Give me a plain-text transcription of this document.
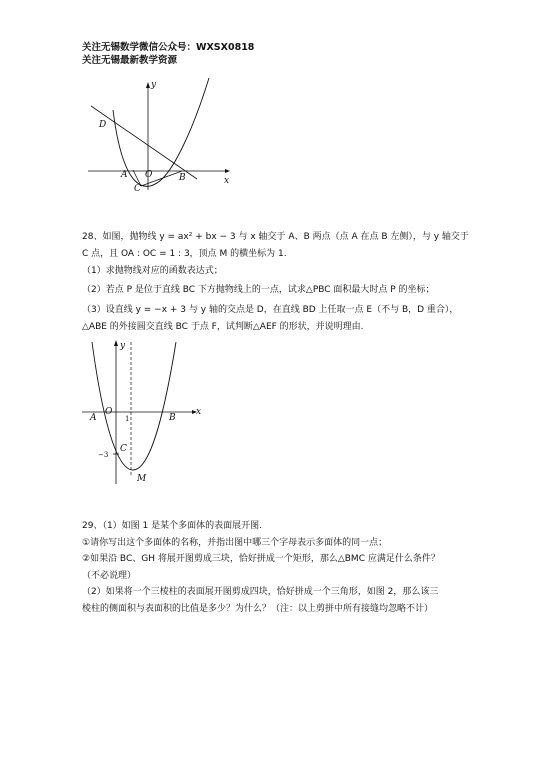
关注无锡数学微信公众号：WXSX0818
关注无锡最新教学资源
y
x
D
A O	B
C
28、如图，抛物线 y = ax² + bx − 3 与 x 轴交于 A、B 两点（点 A 在点 B 左侧），与 y 轴交于
C 点，且 OA : OC = 1 : 3，顶点 M 的横坐标为 1.
（1）求抛物线对应的函数表达式；
（2）若点 P 是位于直线 BC 下方抛物线上的一点，试求△PBC 面积最大时点 P 的坐标；
（3）设直线 y = −x + 3 与 y 轴的交点是 D，在直线 BD 上任取一点 E（不与 B，D 重合），
△ABE 的外接圆交直线 BC 于点 F，试判断△AEF 的形状，并说明理由.
y
x
A
O
1	B
−3
C
M
29、（1）如图 1 是某个多面体的表面展开图.
①请你写出这个多面体的名称，并指出图中哪三个字母表示多面体的同一点；
②如果沿 BC、GH 将展开图剪成三块，恰好拼成一个矩形，那么△BMC 应满足什么条件？
（不必说理）
（2）如果将一个三棱柱的表面展开图剪成四块，恰好拼成一个三角形，如图 2，那么该三
棱柱的侧面积与表面积的比值是多少？为什么？（注：以上剪拼中所有接缝均忽略不计）
